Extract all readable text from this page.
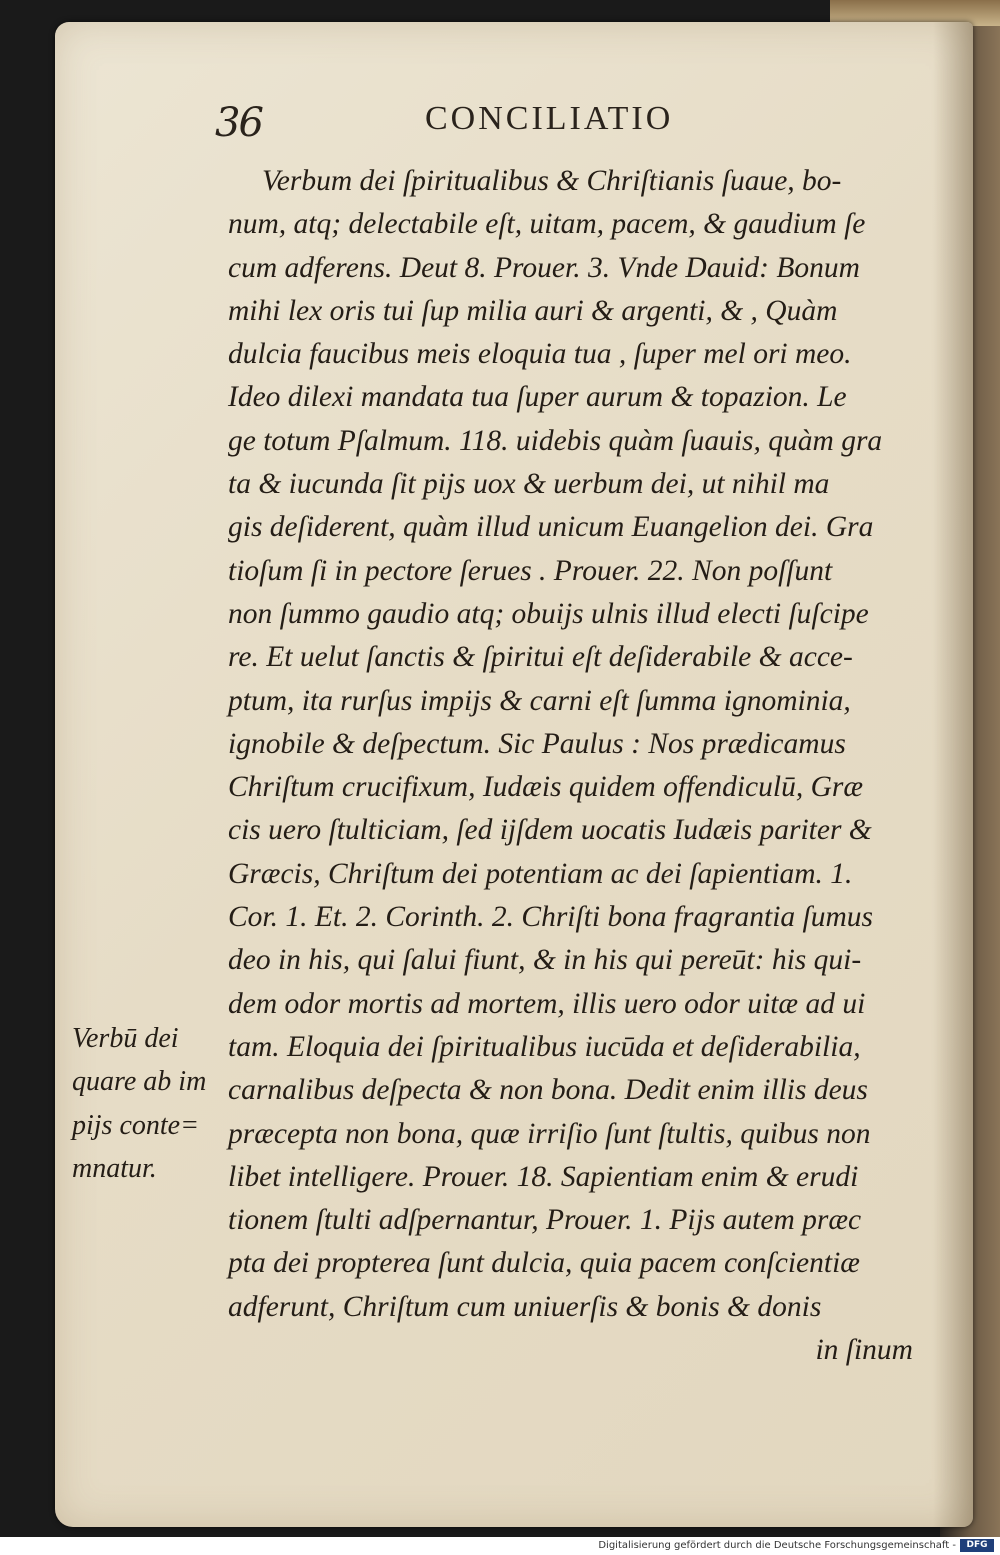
36	CONCILIATIO
Verbum dei ſpiritualibus & Chriſtianis ſuaue, bo-
num, atq; delectabile eſt, uitam, pacem, & gaudium ſe
cum adferens. Deut 8. Prouer. 3. Vnde Dauid: Bonum
mihi lex oris tui ſup milia auri & argenti, & , Quàm
dulcia faucibus meis eloquia tua , ſuper mel ori meo.
Ideo dilexi mandata tua ſuper aurum & topazion. Le
ge totum Pſalmum. 118. uidebis quàm ſuauis, quàm gra
ta & iucunda ſit pijs uox & uerbum dei, ut nihil ma
gis deſiderent, quàm illud unicum Euangelion dei. Gra
tioſum ſi in pectore ſerues . Prouer. 22. Non poſſunt
non ſummo gaudio atq; obuijs ulnis illud electi ſuſcipe
re. Et uelut ſanctis & ſpiritui eſt deſiderabile & acce-
ptum, ita rurſus impijs & carni eſt ſumma ignominia,
ignobile & deſpectum. Sic Paulus : Nos prædicamus
Chriſtum crucifixum, Iudæis quidem offendiculū, Græ
cis uero ſtulticiam, ſed ijſdem uocatis Iudæis pariter &
Græcis, Chriſtum dei potentiam ac dei ſapientiam. 1.
Cor. 1. Et. 2. Corinth. 2. Chriſti bona fragrantia ſumus
deo in his, qui ſalui fiunt, & in his qui pereūt: his qui-
dem odor mortis ad mortem, illis uero odor uitæ ad ui
tam. Eloquia dei ſpiritualibus iucūda et deſiderabilia,
carnalibus deſpecta & non bona. Dedit enim illis deus
præcepta non bona, quæ irriſio ſunt ſtultis, quibus non
libet intelligere. Prouer. 18. Sapientiam enim & erudi
tionem ſtulti adſpernantur, Prouer. 1. Pijs autem præc
pta dei propterea ſunt dulcia, quia pacem conſcientiæ
adferunt, Chriſtum cum uniuerſis & bonis & donis
in ſinum
Verbū dei
quare ab im
pijs conte=
mnatur.
Digitalisierung gefördert durch die Deutsche Forschungsgemeinschaft -	DFG
